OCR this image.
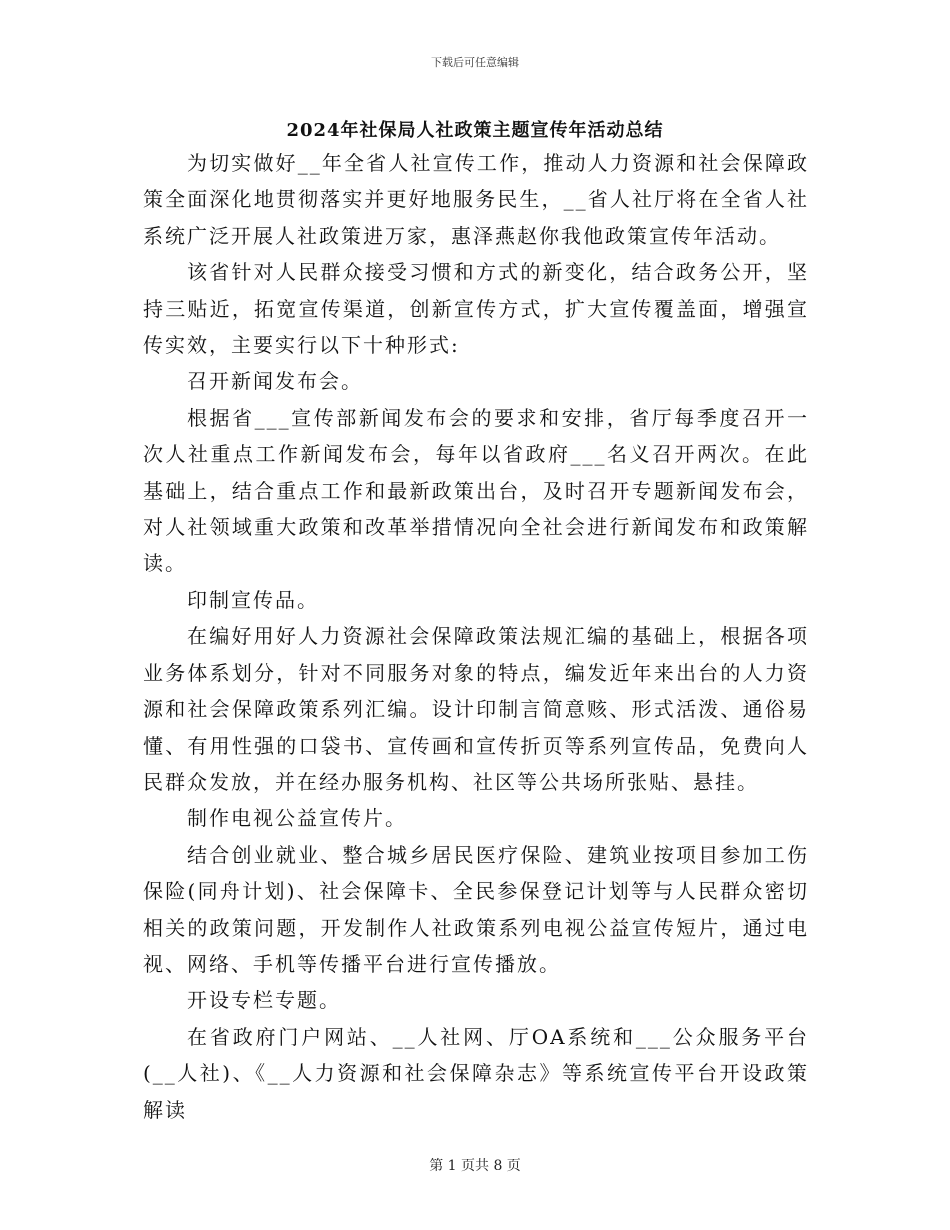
下载后可任意编辑
2024年社保局人社政策主题宣传年活动总结

为切实做好__年全省人社宣传工作，推动人力资源和社会保障政策全面深化地贯彻落实并更好地服务民生，__省人社厅将在全省人社系统广泛开展人社政策进万家，惠泽燕赵你我他政策宣传年活动。

该省针对人民群众接受习惯和方式的新变化，结合政务公开，坚持三贴近，拓宽宣传渠道，创新宣传方式，扩大宣传覆盖面，增强宣传实效，主要实行以下十种形式:

召开新闻发布会。

根据省___宣传部新闻发布会的要求和安排，省厅每季度召开一次人社重点工作新闻发布会，每年以省政府___名义召开两次。在此基础上，结合重点工作和最新政策出台，及时召开专题新闻发布会，对人社领域重大政策和改革举措情况向全社会进行新闻发布和政策解读。

印制宣传品。

在编好用好人力资源社会保障政策法规汇编的基础上，根据各项业务体系划分，针对不同服务对象的特点，编发近年来出台的人力资源和社会保障政策系列汇编。设计印制言简意赅、形式活泼、通俗易懂、有用性强的口袋书、宣传画和宣传折页等系列宣传品，免费向人民群众发放，并在经办服务机构、社区等公共场所张贴、悬挂。

制作电视公益宣传片。

结合创业就业、整合城乡居民医疗保险、建筑业按项目参加工伤保险(同舟计划)、社会保障卡、全民参保登记计划等与人民群众密切相关的政策问题，开发制作人社政策系列电视公益宣传短片，通过电视、网络、手机等传播平台进行宣传播放。

开设专栏专题。

在省政府门户网站、__人社网、厅OA系统和___公众服务平台(__人社)、《__人力资源和社会保障杂志》等系统宣传平台开设政策解读

第 1 页共 8 页
